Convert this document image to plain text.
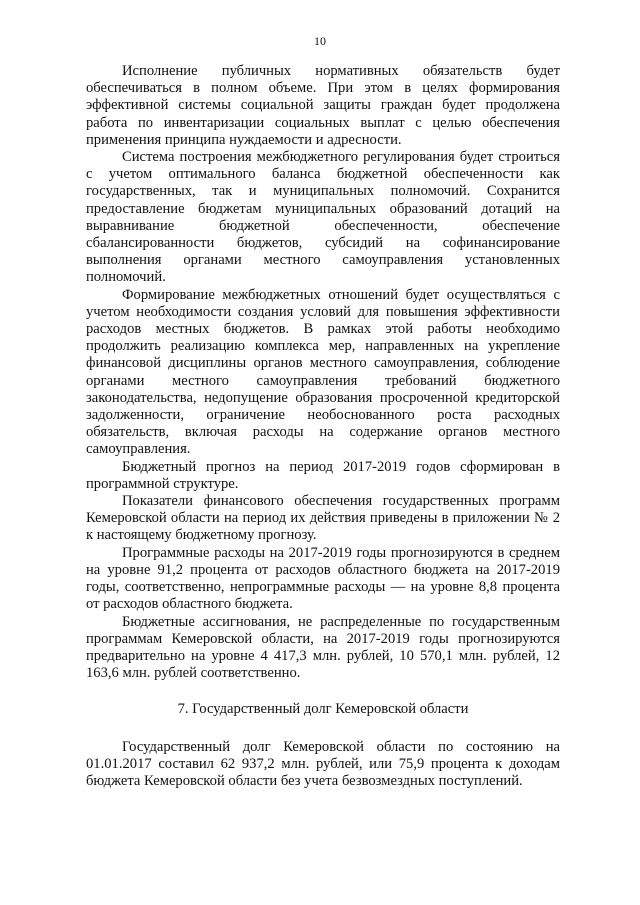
10

Исполнение публичных нормативных обязательств будет обеспечиваться в полном объеме. При этом в целях формирования эффективной системы социальной защиты граждан будет продолжена работа по инвентаризации социальных выплат с целью обеспечения применения принципа нуждаемости и адресности.

Система построения межбюджетного регулирования будет строиться с учетом оптимального баланса бюджетной обеспеченности как государственных, так и муниципальных полномочий. Сохранится предоставление бюджетам муниципальных образований дотаций на выравнивание бюджетной обеспеченности, обеспечение сбалансированности бюджетов, субсидий на софинансирование выполнения органами местного самоуправления установленных полномочий.

Формирование межбюджетных отношений будет осуществляться с учетом необходимости создания условий для повышения эффективности расходов местных бюджетов. В рамках этой работы необходимо продолжить реализацию комплекса мер, направленных на укрепление финансовой дисциплины органов местного самоуправления, соблюдение органами местного самоуправления требований бюджетного законодательства, недопущение образования просроченной кредиторской задолженности, ограничение необоснованного роста расходных обязательств, включая расходы на содержание органов местного самоуправления.

Бюджетный прогноз на период 2017-2019 годов сформирован в программной структуре.

Показатели финансового обеспечения государственных программ Кемеровской области на период их действия приведены в приложении № 2 к настоящему бюджетному прогнозу.

Программные расходы на 2017-2019 годы прогнозируются в среднем на уровне 91,2 процента от расходов областного бюджета на 2017-2019 годы, соответственно, непрограммные расходы — на уровне 8,8 процента от расходов областного бюджета.

Бюджетные ассигнования, не распределенные по государственным программам Кемеровской области, на 2017-2019 годы прогнозируются предварительно на уровне 4 417,3 млн. рублей, 10 570,1 млн. рублей, 12 163,6 млн. рублей соответственно.

7. Государственный долг Кемеровской области

Государственный долг Кемеровской области по состоянию на 01.01.2017 составил 62 937,2 млн. рублей, или 75,9 процента к доходам бюджета Кемеровской области без учета безвозмездных поступлений.
